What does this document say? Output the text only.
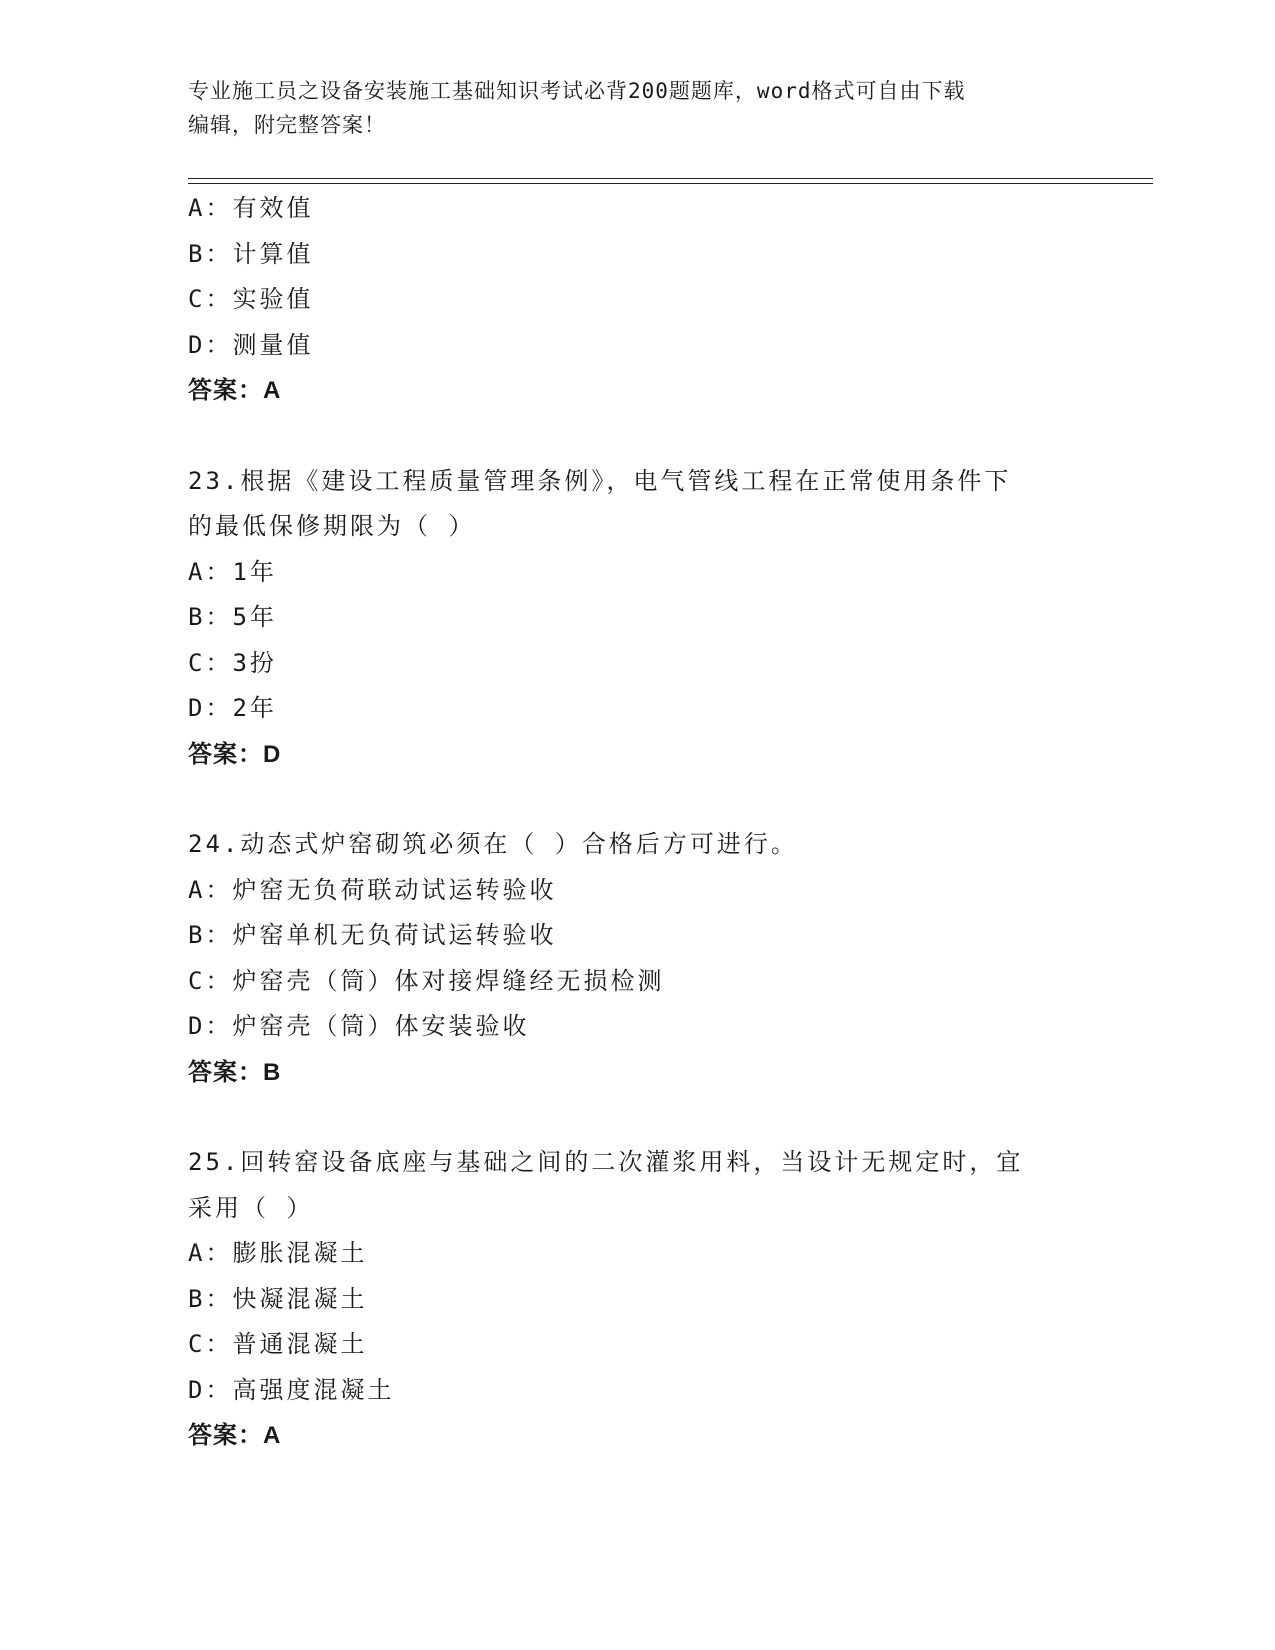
专业施工员之设备安装施工基础知识考试必背200题题库，word格式可自由下载
编辑，附完整答案！

A：有效值

B：计算值

C：实验值

D：测量值

答案：A

23.根据《建设工程质量管理条例》，电气管线工程在正常使用条件下

的最低保修期限为（ ）

A：1年

B：5年

C：3扮

D：2年

答案：D

24.动态式炉窑砌筑必须在（ ）合格后方可进行。

A：炉窑无负荷联动试运转验收

B：炉窑单机无负荷试运转验收

C：炉窑壳（筒）体对接焊缝经无损检测

D：炉窑壳（筒）体安装验收

答案：B

25.回转窑设备底座与基础之间的二次灌浆用料，当设计无规定时，宜

采用（ ）

A：膨胀混凝土

B：快凝混凝土

C：普通混凝土

D：高强度混凝土

答案：A
